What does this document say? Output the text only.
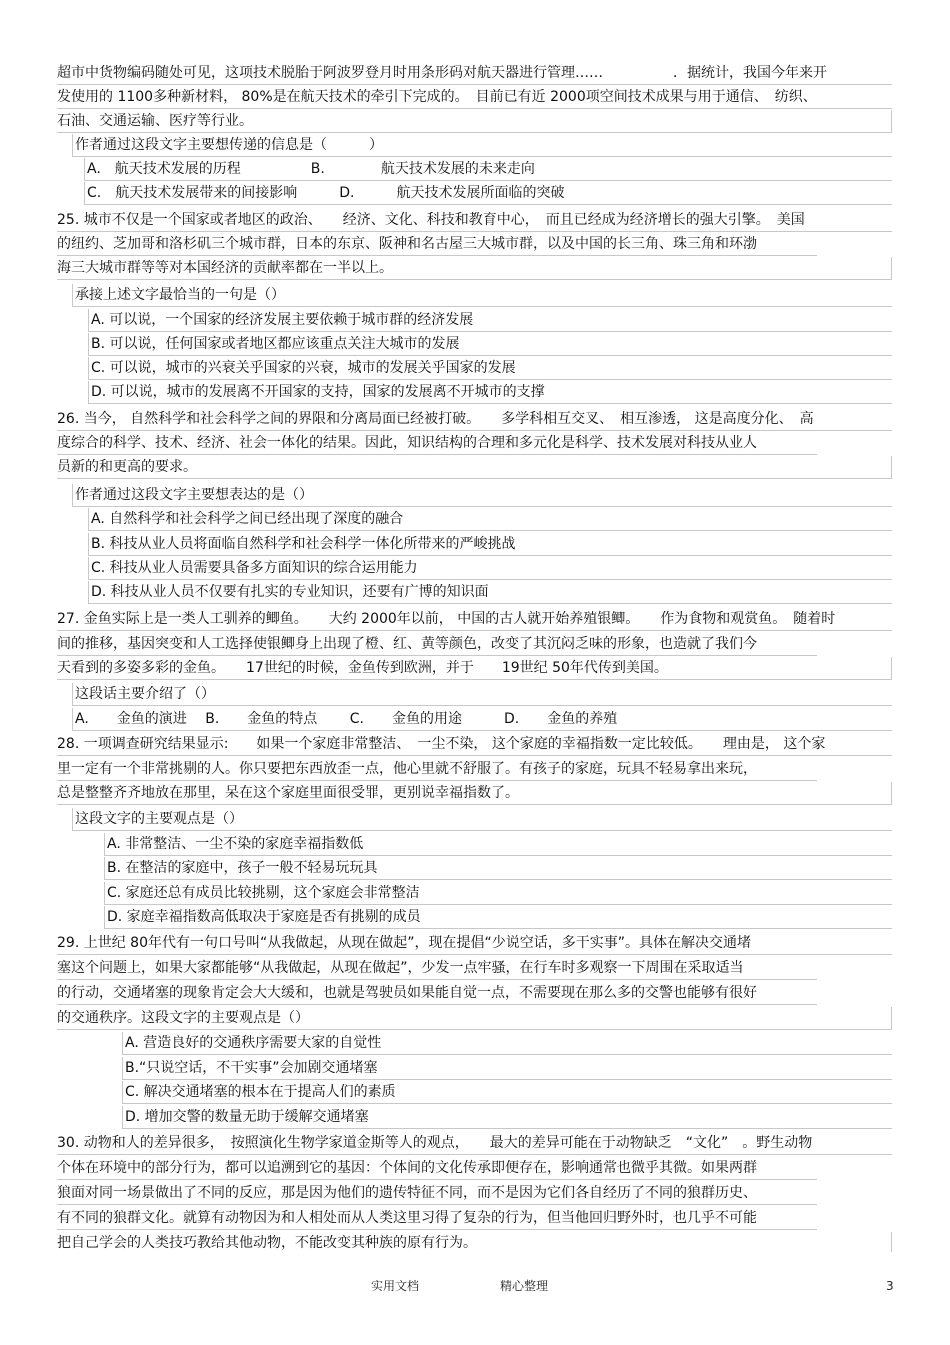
超市中货物编码随处可见，这项技术脱胎于阿波罗登月时用条形码对航天器进行管理……　　　　　．据统计，我国今年来开
发使用的 1100多种新材料， 80%是在航天技术的牵引下完成的。　目前已有近 2000项空间技术成果与用于通信、　纺织、
石油、交通运输、医疗等行业。
作者通过这段文字主要想传递的信息是（　　　）
A.　航天技术发展的历程　　　　　B.　　　　航天技术发展的未来走向
C.　航天技术发展带来的间接影响　　　D.　　　航天技术发展所面临的突破
25. 城市不仅是一个国家或者地区的政治、　　经济、文化、科技和教育中心，　而且已经成为经济增长的强大引擎。　美国
的纽约、芝加哥和洛杉矶三个城市群，日本的东京、阪神和名古屋三大城市群，以及中国的长三角、珠三角和环渤
海三大城市群等等对本国经济的贡献率都在一半以上。
承接上述文字最恰当的一句是（）
A. 可以说，一个国家的经济发展主要依赖于城市群的经济发展
B. 可以说，任何国家或者地区都应该重点关注大城市的发展
C. 可以说，城市的兴衰关乎国家的兴衰，城市的发展关乎国家的发展
D. 可以说，城市的发展离不开国家的支持，国家的发展离不开城市的支撑
26. 当今， 自然科学和社会科学之间的界限和分离局面已经被打破。　　多学科相互交叉、　相互渗透， 这是高度分化、　高
度综合的科学、技术、经济、社会一体化的结果。因此，知识结构的合理和多元化是科学、技术发展对科技从业人
员新的和更高的要求。
作者通过这段文字主要想表达的是（）
A. 自然科学和社会科学之间已经出现了深度的融合
B. 科技从业人员将面临自然科学和社会科学一体化所带来的严峻挑战
C. 科技从业人员需要具备多方面知识的综合运用能力
D. 科技从业人员不仅要有扎实的专业知识，还要有广博的知识面
27. 金鱼实际上是一类人工驯养的鲫鱼。　　大约 2000年以前， 中国的古人就开始养殖银鲫。　　作为食物和观赏鱼。　随着时
间的推移，基因突变和人工选择使银鲫身上出现了橙、红、黄等颜色，改变了其沉闷乏味的形象，也造就了我们今
天看到的多姿多彩的金鱼。　　17世纪的时候，金鱼传到欧洲，并于　　19世纪 50年代传到美国。
这段话主要介绍了（）
A.　　金鱼的演进　 B.　　金鱼的特点　　 C.　　金鱼的用途　　　D.　　金鱼的养殖
28. 一项调查研究结果显示:　　如果一个家庭非常整洁、　一尘不染， 这个家庭的幸福指数一定比较低。　　理由是， 这个家
里一定有一个非常挑剔的人。你只要把东西放歪一点，他心里就不舒服了。有孩子的家庭，玩具不轻易拿出来玩，
总是整整齐齐地放在那里，呆在这个家庭里面很受罪，更别说幸福指数了。
这段文字的主要观点是（）
A. 非常整洁、一尘不染的家庭幸福指数低
B. 在整洁的家庭中，孩子一般不轻易玩玩具
C. 家庭还总有成员比较挑剔，这个家庭会非常整洁
D. 家庭幸福指数高低取决于家庭是否有挑剔的成员
29. 上世纪 80年代有一句口号叫“从我做起，从现在做起”，现在提倡“少说空话，多干实事”。具体在解决交通堵
塞这个问题上，如果大家都能够“从我做起，从现在做起”，少发一点牢骚，在行车时多观察一下周围在采取适当
的行动，交通堵塞的现象肯定会大大缓和，也就是驾驶员如果能自觉一点，不需要现在那么多的交警也能够有很好
的交通秩序。这段文字的主要观点是（）
A. 营造良好的交通秩序需要大家的自觉性
B.“只说空话，不干实事”会加剧交通堵塞
C. 解决交通堵塞的根本在于提高人们的素质
D. 增加交警的数量无助于缓解交通堵塞
30. 动物和人的差异很多，　按照演化生物学家道金斯等人的观点，　　最大的差异可能在于动物缺乏　“文化”　。野生动物
个体在环境中的部分行为，都可以追溯到它的基因：个体间的文化传承即便存在，影响通常也微乎其微。如果两群
狼面对同一场景做出了不同的反应，那是因为他们的遗传特征不同，而不是因为它们各自经历了不同的狼群历史、
有不同的狼群文化。就算有动物因为和人相处而从人类这里习得了复杂的行为，但当他回归野外时，也几乎不可能
把自己学会的人类技巧教给其他动物，不能改变其种族的原有行为。
实用文档	精心整理	3
